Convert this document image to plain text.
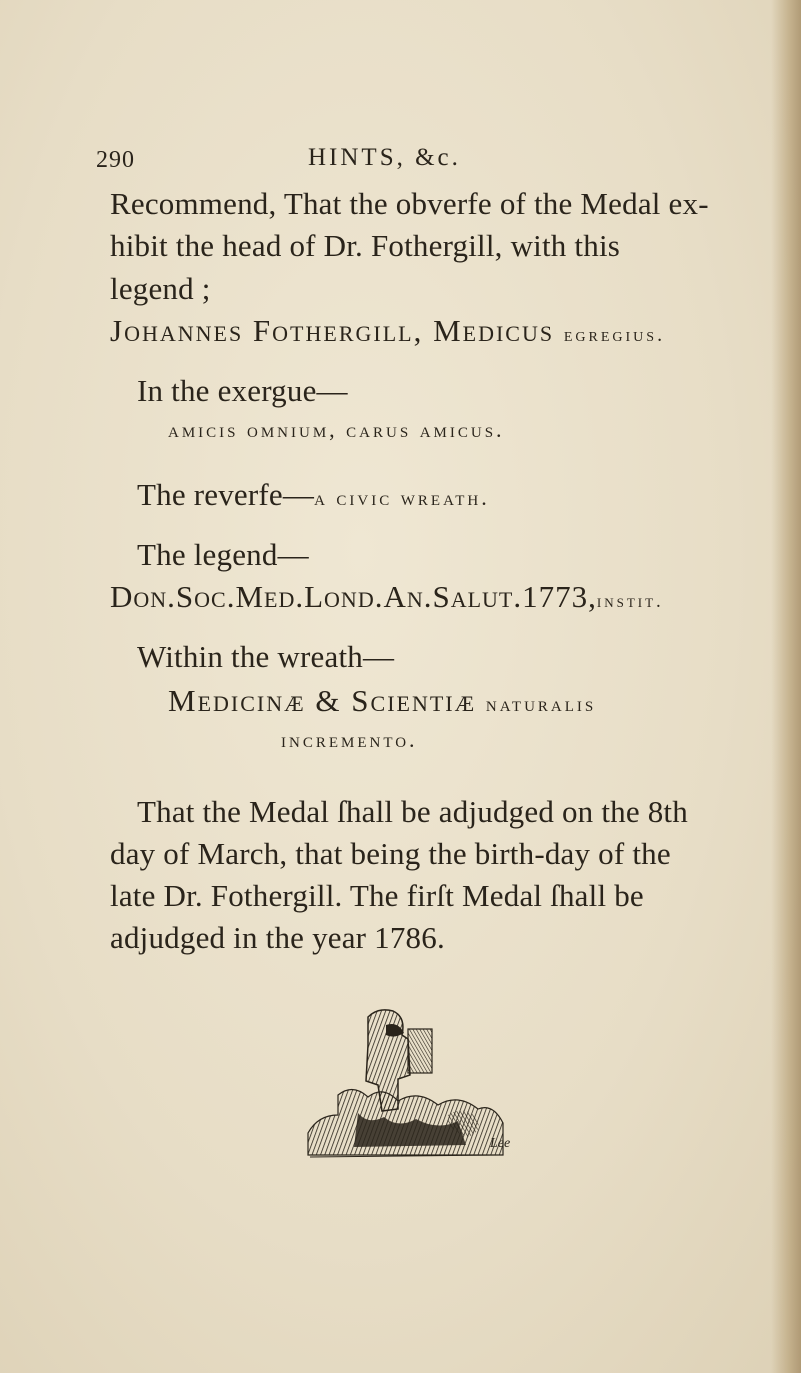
290	HINTS, &c.
Recommend, That the obverfe of the Medal ex-
hibit the head of Dr. Fothergill, with this
legend ;
Johannes Fothergill, Medicus egregius.
In the exergue—
amicis omnium, carus amicus.
The reverfe—a civic wreath.
The legend—
Don.Soc.Med.Lond.An.Salut.1773,instit.
Within the wreath—
Medicinæ & Scientiæ naturalis
incremento.
That the Medal ſhall be adjudged on the 8th
day of March, that being the birth-day of the
late Dr. Fothergill. The firſt Medal ſhall be
adjudged in the year 1786.
Lee
